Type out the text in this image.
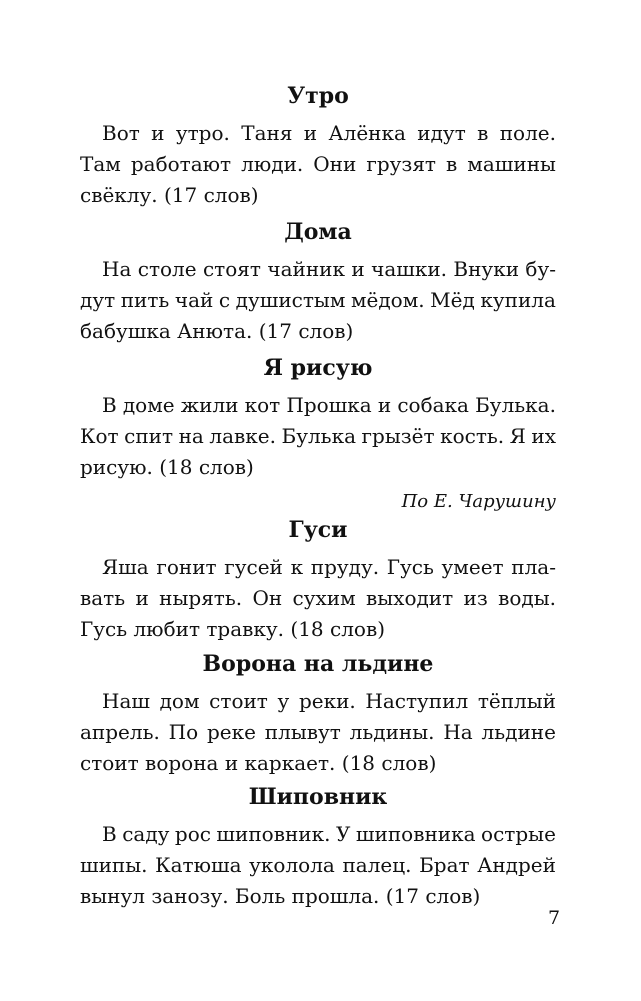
Утро
Вот и утро. Таня и Алёнка идут в поле.
Там работают люди. Они грузят в машины
свёклу. (17 слов)
Дома
На столе стоят чайник и чашки. Внуки бу-
дут пить чай с душистым мёдом. Мёд купила
бабушка Анюта. (17 слов)
Я рисую
В доме жили кот Прошка и собака Булька.
Кот спит на лавке. Булька грызёт кость. Я их
рисую. (18 слов)
По Е. Чарушину
Гуси
Яша гонит гусей к пруду. Гусь умеет пла-
вать и нырять. Он сухим выходит из воды.
Гусь любит травку. (18 слов)
Ворона на льдине
Наш дом стоит у реки. Наступил тёплый
апрель. По реке плывут льдины. На льдине
стоит ворона и каркает. (18 слов)
Шиповник
В саду рос шиповник. У шиповника острые
шипы. Катюша уколола палец. Брат Андрей
вынул занозу. Боль прошла. (17 слов)
7
